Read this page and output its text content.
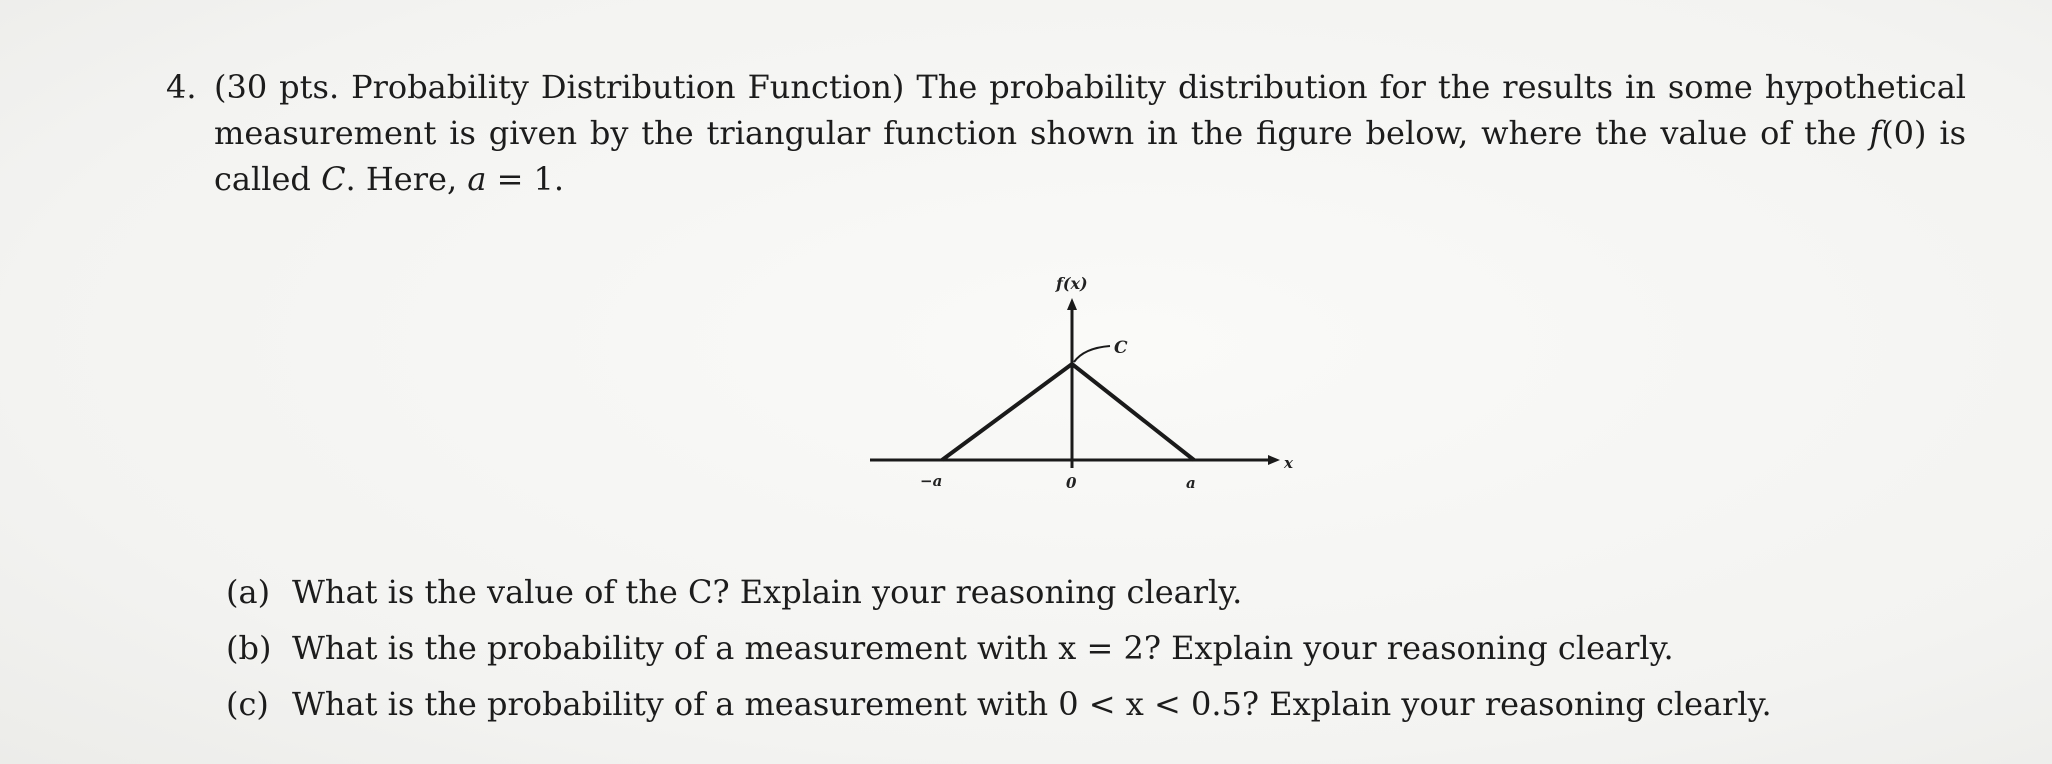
4. (30 pts. Probability Distribution Function) The probability distribution for the results in some hypothetical
measurement is given by the triangular function shown in the figure below, where the value of the f(0) is
called C. Here, a = 1.
f(x)
C
x
−a	0	a
(a) What is the value of the C? Explain your reasoning clearly.
(b) What is the probability of a measurement with x = 2? Explain your reasoning clearly.
(c) What is the probability of a measurement with 0 < x < 0.5? Explain your reasoning clearly.
